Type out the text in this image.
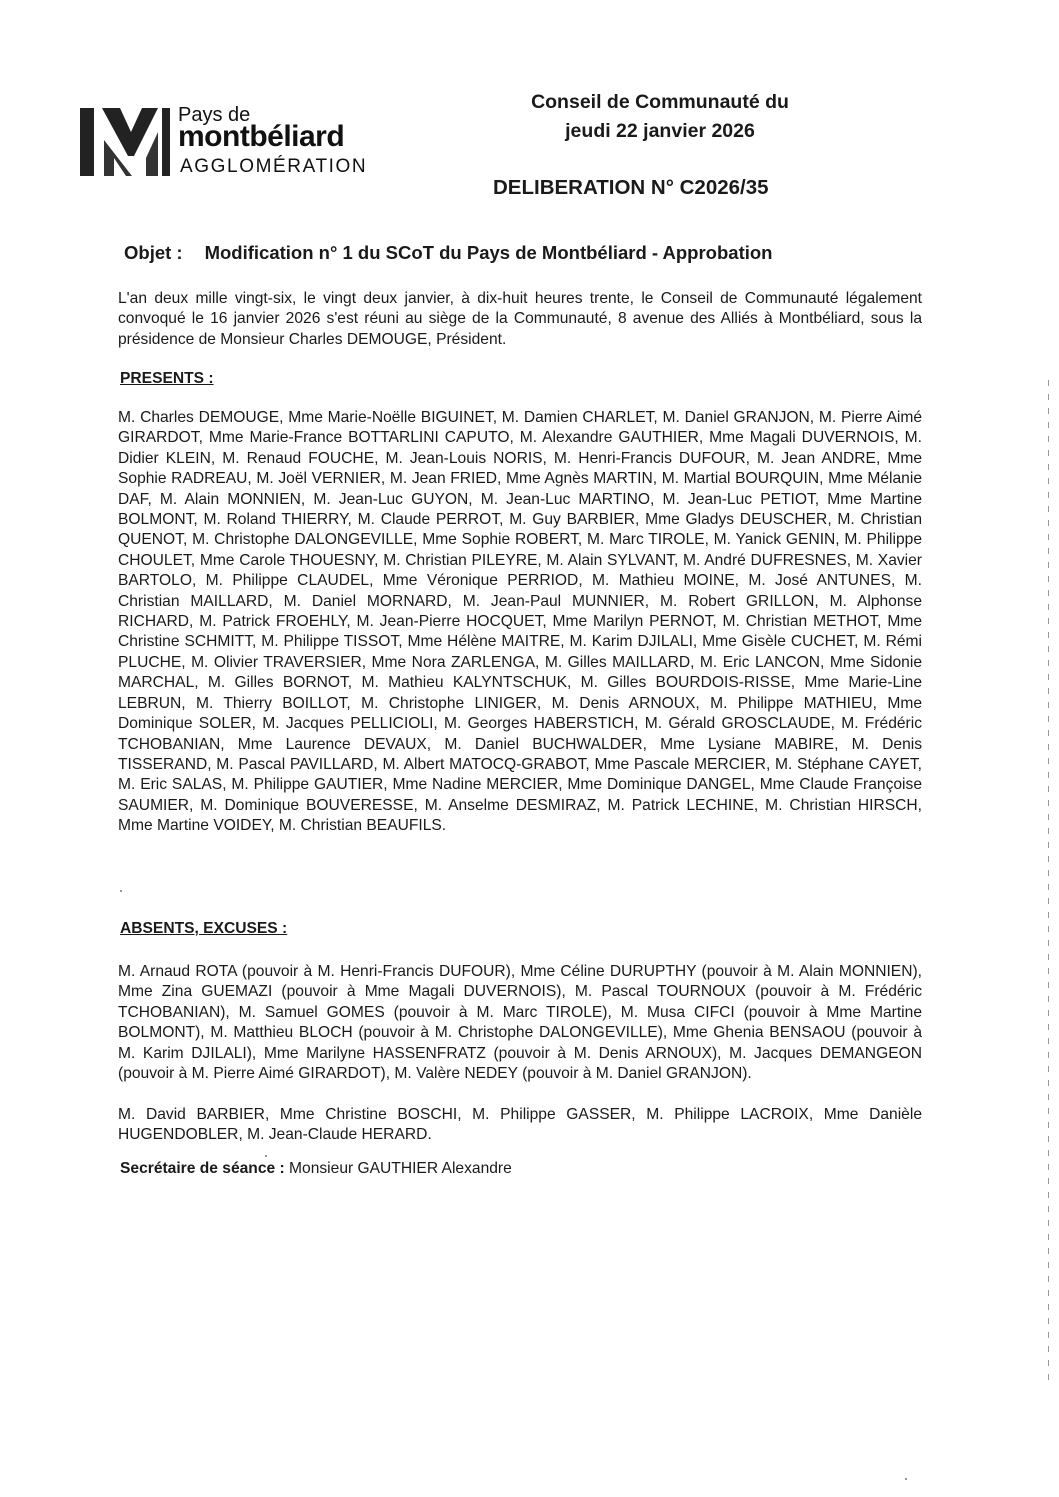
Pays de
montbéliard
AGGLOMÉRATION
Conseil de Communauté du
jeudi 22 janvier 2026
DELIBERATION N° C2026/35
Objet : Modification n° 1 du SCoT du Pays de Montbéliard - Approbation

L'an deux mille vingt-six, le vingt deux janvier, à dix-huit heures trente, le Conseil de Communauté légalement convoqué le 16 janvier 2026 s'est réuni au siège de la Communauté, 8 avenue des Alliés à Montbéliard, sous la présidence de Monsieur Charles DEMOUGE, Président.

PRESENTS :

M. Charles DEMOUGE, Mme Marie-Noëlle BIGUINET, M. Damien CHARLET, M. Daniel GRANJON, M. Pierre Aimé GIRARDOT, Mme Marie-France BOTTARLINI CAPUTO, M. Alexandre GAUTHIER, Mme Magali DUVERNOIS, M. Didier KLEIN, M. Renaud FOUCHE, M. Jean-Louis NORIS, M. Henri-Francis DUFOUR, M. Jean ANDRE, Mme Sophie RADREAU, M. Joël VERNIER, M. Jean FRIED, Mme Agnès MARTIN, M. Martial BOURQUIN, Mme Mélanie DAF, M. Alain MONNIEN, M. Jean-Luc GUYON, M. Jean-Luc MARTINO, M. Jean-Luc PETIOT, Mme Martine BOLMONT, M. Roland THIERRY, M. Claude PERROT, M. Guy BARBIER, Mme Gladys DEUSCHER, M. Christian QUENOT, M. Christophe DALONGEVILLE, Mme Sophie ROBERT, M. Marc TIROLE, M. Yanick GENIN, M. Philippe CHOULET, Mme Carole THOUESNY, M. Christian PILEYRE, M. Alain SYLVANT, M. André DUFRESNES, M. Xavier BARTOLO, M. Philippe CLAUDEL, Mme Véronique PERRIOD, M. Mathieu MOINE, M. José ANTUNES, M. Christian MAILLARD, M. Daniel MORNARD, M. Jean-Paul MUNNIER, M. Robert GRILLON, M. Alphonse RICHARD, M. Patrick FROEHLY, M. Jean-Pierre HOCQUET, Mme Marilyn PERNOT, M. Christian METHOT, Mme Christine SCHMITT, M. Philippe TISSOT, Mme Hélène MAITRE, M. Karim DJILALI, Mme Gisèle CUCHET, M. Rémi PLUCHE, M. Olivier TRAVERSIER, Mme Nora ZARLENGA, M. Gilles MAILLARD, M. Eric LANCON, Mme Sidonie MARCHAL, M. Gilles BORNOT, M. Mathieu KALYNTSCHUK, M. Gilles BOURDOIS-RISSE, Mme Marie-Line LEBRUN, M. Thierry BOILLOT, M. Christophe LINIGER, M. Denis ARNOUX, M. Philippe MATHIEU, Mme Dominique SOLER, M. Jacques PELLICIOLI, M. Georges HABERSTICH, M. Gérald GROSCLAUDE, M. Frédéric TCHOBANIAN, Mme Laurence DEVAUX, M. Daniel BUCHWALDER, Mme Lysiane MABIRE, M. Denis TISSERAND, M. Pascal PAVILLARD, M. Albert MATOCQ-GRABOT, Mme Pascale MERCIER, M. Stéphane CAYET, M. Eric SALAS, M. Philippe GAUTIER, Mme Nadine MERCIER, Mme Dominique DANGEL, Mme Claude Françoise SAUMIER, M. Dominique BOUVERESSE, M. Anselme DESMIRAZ, M. Patrick LECHINE, M. Christian HIRSCH, Mme Martine VOIDEY, M. Christian BEAUFILS.

ABSENTS, EXCUSES :

M. Arnaud ROTA (pouvoir à M. Henri-Francis DUFOUR), Mme Céline DURUPTHY (pouvoir à M. Alain MONNIEN), Mme Zina GUEMAZI (pouvoir à Mme Magali DUVERNOIS), M. Pascal TOURNOUX (pouvoir à M. Frédéric TCHOBANIAN), M. Samuel GOMES (pouvoir à M. Marc TIROLE), M. Musa CIFCI (pouvoir à Mme Martine BOLMONT), M. Matthieu BLOCH (pouvoir à M. Christophe DALONGEVILLE), Mme Ghenia BENSAOU (pouvoir à M. Karim DJILALI), Mme Marilyne HASSENFRATZ (pouvoir à M. Denis ARNOUX), M. Jacques DEMANGEON (pouvoir à M. Pierre Aimé GIRARDOT), M. Valère NEDEY (pouvoir à M. Daniel GRANJON).

M. David BARBIER, Mme Christine BOSCHI, M. Philippe GASSER, M. Philippe LACROIX, Mme Danièle HUGENDOBLER, M. Jean-Claude HERARD.

Secrétaire de séance : Monsieur GAUTHIER Alexandre
